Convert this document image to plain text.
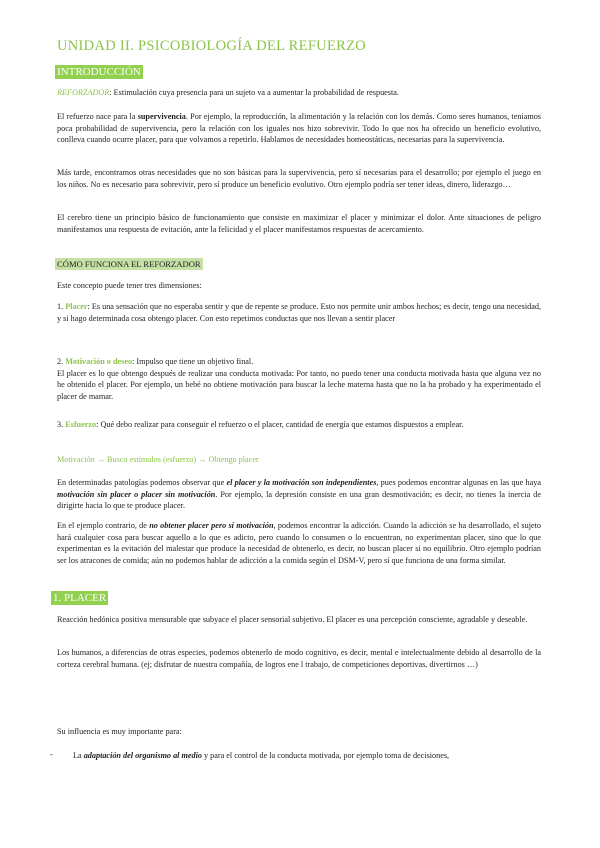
UNIDAD II. PSICOBIOLOGÍA DEL REFUERZO
INTRODUCCIÓN
REFORZADOR: Estimulación cuya presencia para un sujeto va a aumentar la probabilidad de respuesta.
El refuerzo nace para la supervivencia. Por ejemplo, la reproducción, la alimentación y la relación con los demás. Como seres humanos, teníamos poca probabilidad de supervivencia, pero la relación con los iguales nos hizo sobrevivir. Todo lo que nos ha ofrecido un beneficio evolutivo, conlleva cuando ocurre placer, para que volvamos a repetirlo. Hablamos de necesidades homeostáticas, necesarias para la supervivencia.
Más tarde, encontramos otras necesidades que no son básicas para la supervivencia, pero sí necesarias para el desarrollo; por ejemplo el juego en los niños. No es necesario para sobrevivir, pero sí produce un beneficio evolutivo. Otro ejemplo podría ser tener ideas, dinero, liderazgo…
El cerebro tiene un principio básico de funcionamiento que consiste en maximizar el placer y minimizar el dolor. Ante situaciones de peligro manifestamos una respuesta de evitación, ante la felicidad y el placer manifestamos respuestas de acercamiento.
CÓMO FUNCIONA EL REFORZADOR
Este concepto puede tener tres dimensiones:
1. Placer: Es una sensación que no esperaba sentir y que de repente se produce. Esto nos permite unir ambos hechos; es decir, tengo una necesidad, y si hago determinada cosa obtengo placer. Con esto repetimos conductas que nos llevan a sentir placer
2. Motivación o deseo: Impulso que tiene un objetivo final.
El placer es lo que obtengo después de realizar una conducta motivada: Por tanto, no puedo tener una conducta motivada hasta que alguna vez no he obtenido el placer. Por ejemplo, un bebé no obtiene motivación para buscar la leche materna hasta que no la ha probado y ha experimentado el placer de mamar.
3. Esfuerzo: Qué debo realizar para conseguir el refuerzo o el placer, cantidad de energía que estamos dispuestos a emplear.
Motivación → Busco estímulos (esfuerzo) → Obtengo placer
En determinadas patologías podemos observar que el placer y la motivación son independientes, pues podemos encontrar algunas en las que haya motivación sin placer o placer sin motivación. Por ejemplo, la depresión consiste en una gran desmotivación; es decir, no tienes la inercia de dirigirte hacia lo que te produce placer.
En el ejemplo contrario, de no obtener placer pero sí motivación, podemos encontrar la adicción. Cuando la adicción se ha desarrollado, el sujeto hará cualquier cosa para buscar aquello a lo que es adicto, pero cuando lo consumen o lo encuentran, no experimentan placer, sino que lo que experimentan es la evitación del malestar que produce la necesidad de obtenerlo, es decir, no buscan placer si no equilibrio. Otro ejemplo podrían ser los atracones de comida; aún no podemos hablar de adicción a la comida según el DSM-V, pero sí que funciona de una forma similar.
1. PLACER
Reacción hedónica positiva mensurable que subyace el placer sensorial subjetivo. El placer es una percepción consciente, agradable y deseable.
Los humanos, a diferencias de otras especies, podemos obtenerlo de modo cognitivo, es decir, mental e intelectualmente debido al desarrollo de la corteza cerebral humana. (ej; disfrutar de nuestra compañía, de logros ene l trabajo, de competiciones deportivas, divertirnos …)
Su influencia es muy importante para:
- La adaptación del organismo al medio y para el control de la conducta motivada, por ejemplo toma de decisiones,
